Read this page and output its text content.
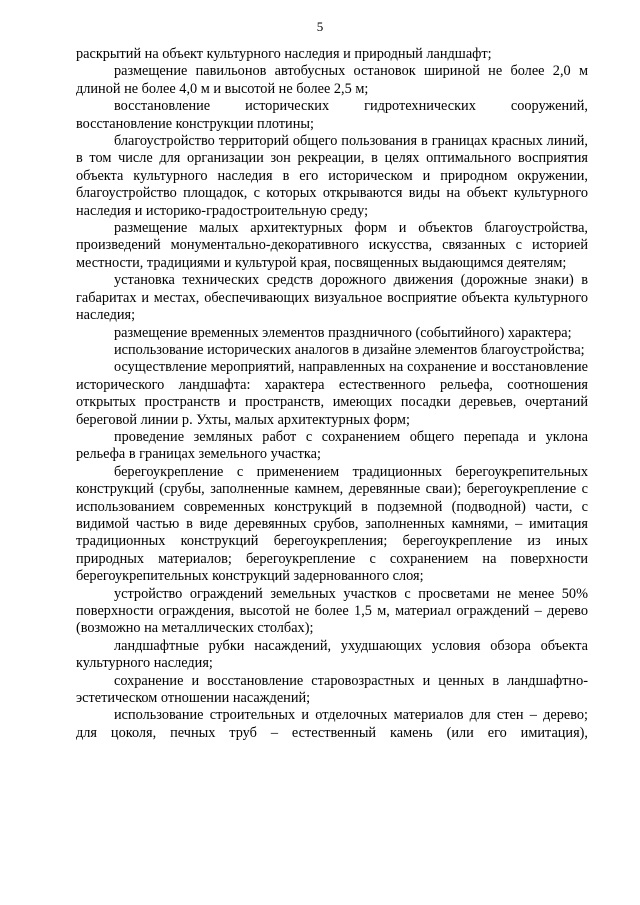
5

раскрытий на объект культурного наследия и природный ландшафт;

размещение павильонов автобусных остановок шириной не более 2,0 м длиной не более 4,0 м и высотой не более 2,5 м;

восстановление исторических гидротехнических сооружений, восстановление конструкции плотины;

благоустройство территорий общего пользования в границах красных линий, в том числе для организации зон рекреации, в целях оптимального восприятия объекта культурного наследия в его историческом и природном окружении, благоустройство площадок, с которых открываются виды на объект культурного наследия и историко-градостроительную среду;

размещение малых архитектурных форм и объектов благоустройства, произведений монументально-декоративного искусства, связанных с историей местности, традициями и культурой края, посвященных выдающимся деятелям;

установка технических средств дорожного движения (дорожные знаки) в габаритах и местах, обеспечивающих визуальное восприятие объекта культурного наследия;

размещение временных элементов праздничного (событийного) характера;

использование исторических аналогов в дизайне элементов благоустройства;

осуществление мероприятий, направленных на сохранение и восстановление исторического ландшафта: характера естественного рельефа, соотношения открытых пространств и пространств, имеющих посадки деревьев, очертаний береговой линии р. Ухты, малых архитектурных форм;

проведение земляных работ с сохранением общего перепада и уклона рельефа в границах земельного участка;

берегоукрепление с применением традиционных берегоукрепительных конструкций (срубы, заполненные камнем, деревянные сваи); берегоукрепление с использованием современных конструкций в подземной (подводной) части, с видимой частью в виде деревянных срубов, заполненных камнями, – имитация традиционных конструкций берегоукрепления; берегоукрепление из иных природных материалов; берегоукрепление с сохранением на поверхности берегоукрепительных конструкций задернованного слоя;

устройство ограждений земельных участков с просветами не менее 50% поверхности ограждения, высотой не более 1,5 м, материал ограждений – дерево (возможно на металлических столбах);

ландшафтные рубки насаждений, ухудшающих условия обзора объекта культурного наследия;

сохранение и восстановление старовозрастных и ценных в ландшафтно-эстетическом отношении насаждений;

использование строительных и отделочных материалов для стен – дерево; для цоколя, печных труб – естественный камень (или его имитация),
